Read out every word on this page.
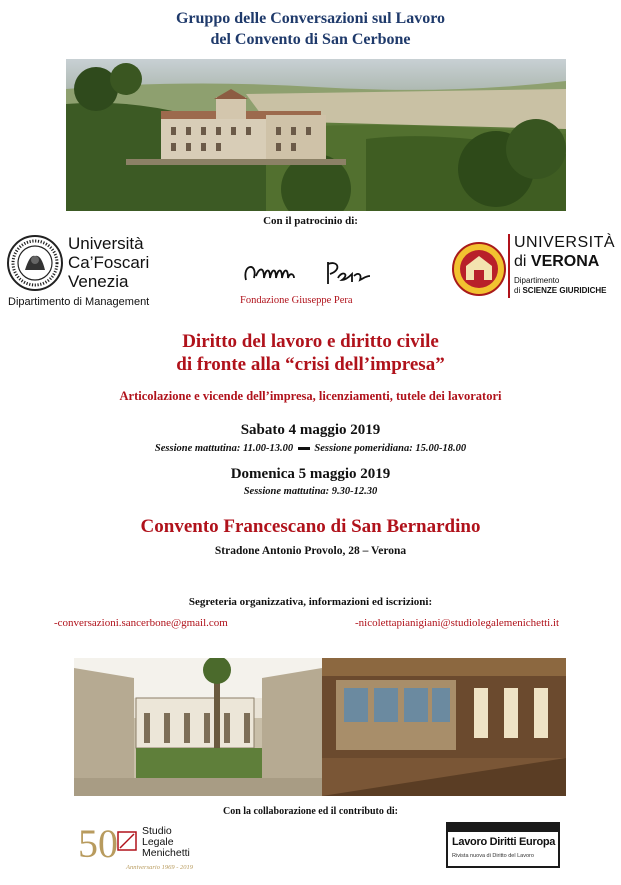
Gruppo delle Conversazioni sul Lavoro
del Convento di San Cerbone
Con il patrocinio di:
Università
Ca’Foscari
Venezia
Dipartimento di Management	Fondazione Giuseppe Pera
UNIVERSITÀ
di VERONA
Dipartimento
di SCIENZE GIURIDICHE
Diritto del lavoro e diritto civile
di fronte alla “crisi dell’impresa”
Articolazione e vicende dell’impresa, licenziamenti, tutele dei lavoratori
Sabato 4 maggio 2019
Sessione mattutina: 11.00-13.00 Sessione pomeridiana: 15.00-18.00
Domenica 5 maggio 2019
Sessione mattutina: 9.30-12.30
Convento Francescano di San Bernardino
Stradone Antonio Provolo, 28 – Verona
Segreteria organizzativa, informazioni ed iscrizioni:
-conversazioni.sancerbone@gmail.com	-nicolettapianigiani@studiolegalemenichetti.it
Con la collaborazione ed il contributo di:
50 Studio
Legale
Menichetti
Anniversario 1969 - 2019
Lavoro Diritti Europa
Rivista nuova di Diritto del Lavoro
